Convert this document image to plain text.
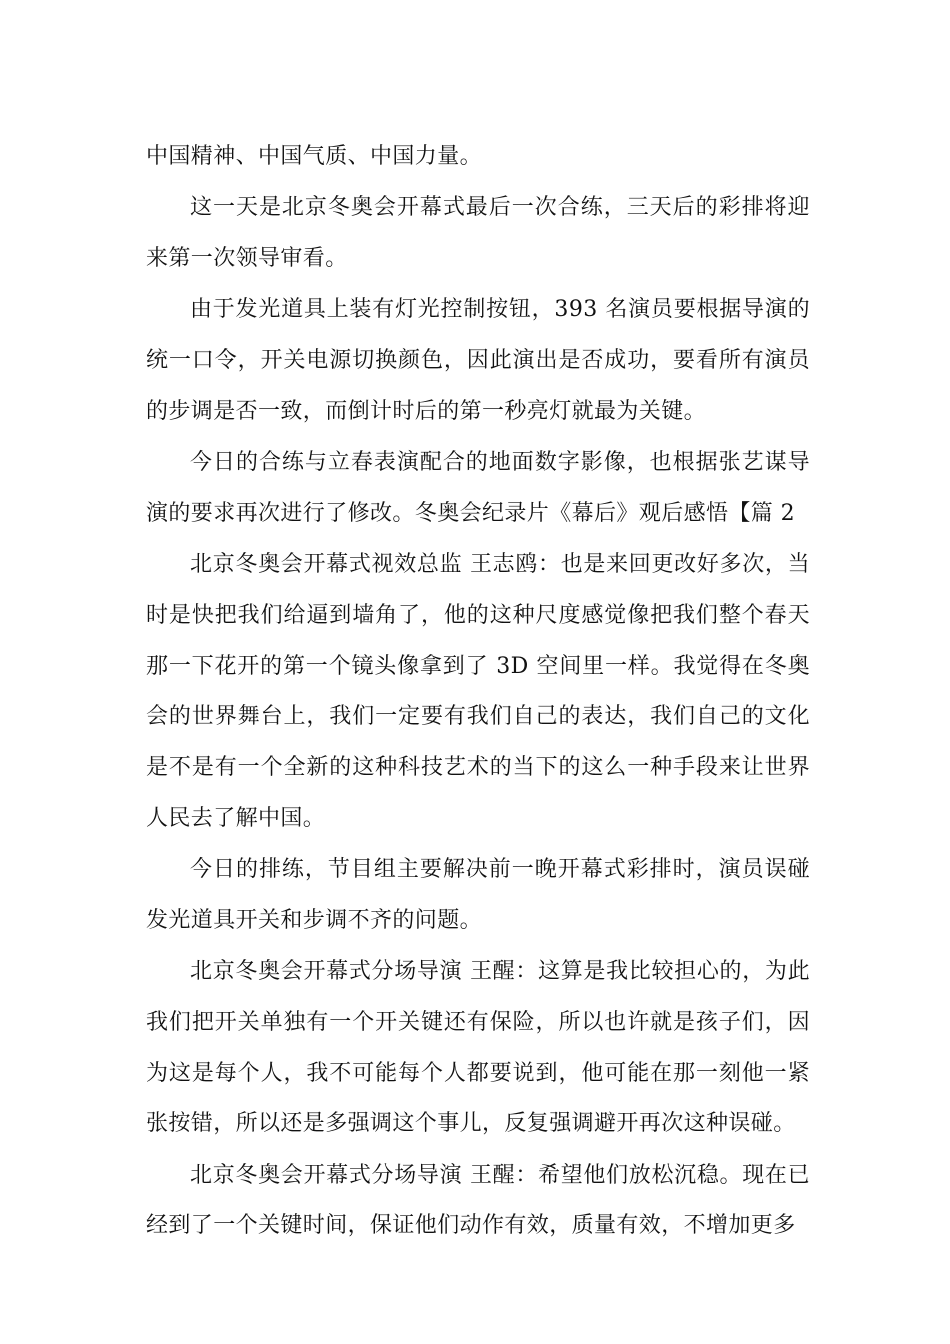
中国精神、中国气质、中国力量。

这一天是北京冬奥会开幕式最后一次合练，三天后的彩排将迎来第一次领导审看。

由于发光道具上装有灯光控制按钮，393 名演员要根据导演的统一口令，开关电源切换颜色，因此演出是否成功，要看所有演员的步调是否一致，而倒计时后的第一秒亮灯就最为关键。

今日的合练与立春表演配合的地面数字影像，也根据张艺谋导演的要求再次进行了修改。冬奥会纪录片《幕后》观后感悟【篇 2

北京冬奥会开幕式视效总监 王志鸥：也是来回更改好多次，当时是快把我们给逼到墙角了，他的这种尺度感觉像把我们整个春天那一下花开的第一个镜头像拿到了 3D 空间里一样。我觉得在冬奥会的世界舞台上，我们一定要有我们自己的表达，我们自己的文化是不是有一个全新的这种科技艺术的当下的这么一种手段来让世界人民去了解中国。

今日的排练，节目组主要解决前一晚开幕式彩排时，演员误碰发光道具开关和步调不齐的问题。

北京冬奥会开幕式分场导演 王醒：这算是我比较担心的，为此我们把开关单独有一个开关键还有保险，所以也许就是孩子们，因为这是每个人，我不可能每个人都要说到，他可能在那一刻他一紧张按错，所以还是多强调这个事儿，反复强调避开再次这种误碰。

北京冬奥会开幕式分场导演 王醒：希望他们放松沉稳。现在已经到了一个关键时间，保证他们动作有效，质量有效，不增加更多
